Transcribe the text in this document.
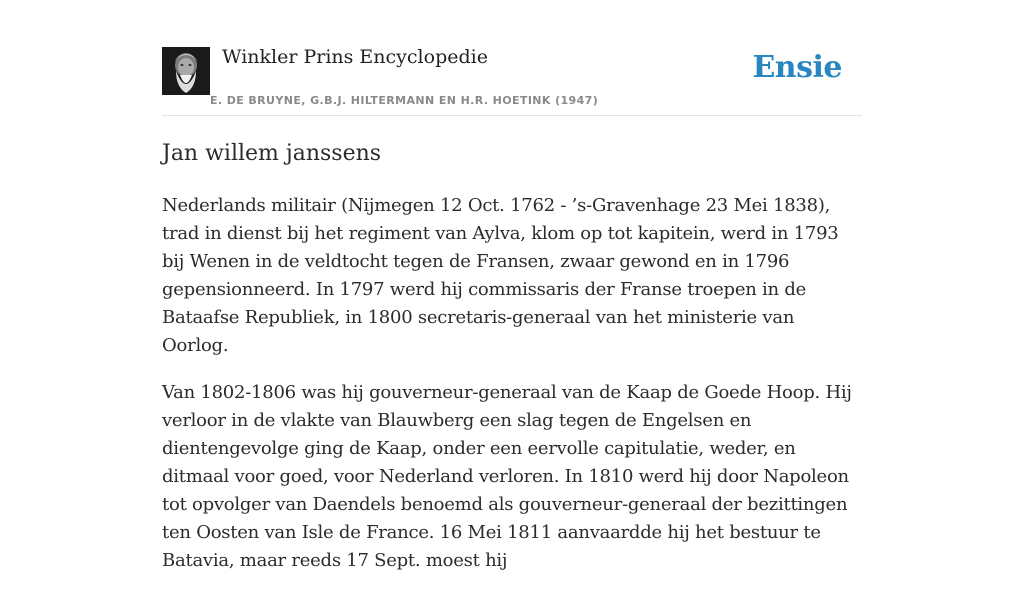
Winkler Prins Encyclopedie
E. DE BRUYNE, G.B.J. HILTERMANN EN H.R. HOETINK (1947)
Ensie
Jan willem janssens

Nederlands militair (Nijmegen 12 Oct. 1762 - ’s-Gravenhage 23 Mei 1838), trad in dienst bij het regiment van Aylva, klom op tot kapitein, werd in 1793 bij Wenen in de veldtocht tegen de Fransen, zwaar gewond en in 1796 gepensionneerd. In 1797 werd hij commissaris der Franse troepen in de Bataafse Republiek, in 1800 secretaris-generaal van het ministerie van Oorlog.

Van 1802-1806 was hij gouverneur-generaal van de Kaap de Goede Hoop. Hij verloor in de vlakte van Blauwberg een slag tegen de Engelsen en dientengevolge ging de Kaap, onder een eervolle capitulatie, weder, en ditmaal voor goed, voor Nederland verloren. In 1810 werd hij door Napoleon tot opvolger van Daendels benoemd als gouverneur-generaal der bezittingen ten Oosten van Isle de France. 16 Mei 1811 aanvaardde hij het bestuur te Batavia, maar reeds 17 Sept. moest hij
